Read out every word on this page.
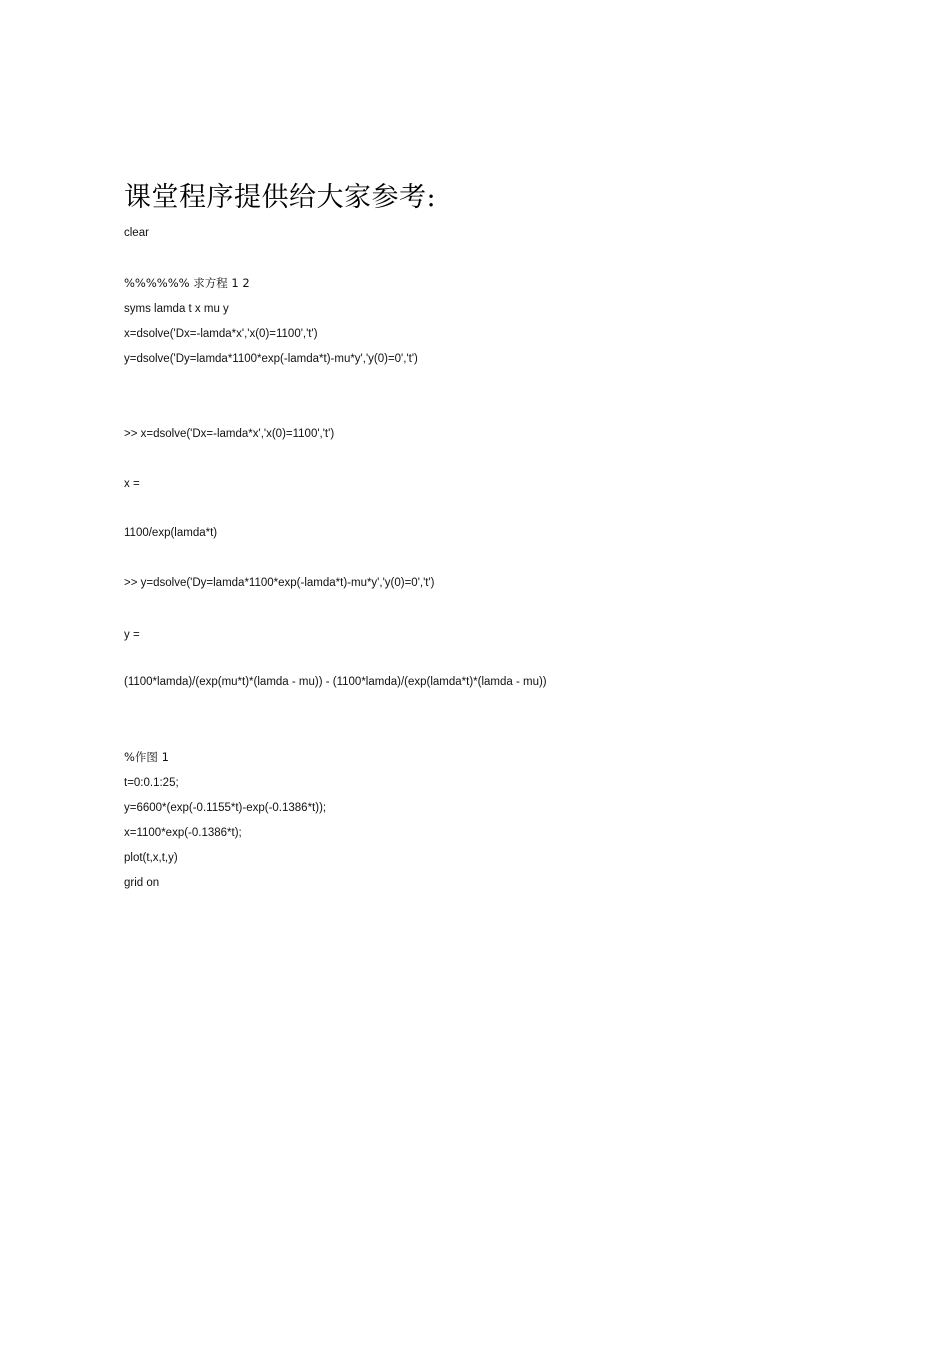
课堂程序提供给大家参考:
clear
%%%%%% 求方程 1 2
syms lamda t x mu y
x=dsolve('Dx=-lamda*x','x(0)=1100','t')
y=dsolve('Dy=lamda*1100*exp(-lamda*t)-mu*y','y(0)=0','t')
>> x=dsolve('Dx=-lamda*x','x(0)=1100','t')
x =
1100/exp(lamda*t)
>> y=dsolve('Dy=lamda*1100*exp(-lamda*t)-mu*y','y(0)=0','t')
y =
(1100*lamda)/(exp(mu*t)*(lamda - mu)) - (1100*lamda)/(exp(lamda*t)*(lamda - mu))
%作图 1
t=0:0.1:25;
y=6600*(exp(-0.1155*t)-exp(-0.1386*t));
x=1100*exp(-0.1386*t);
plot(t,x,t,y)
grid on
